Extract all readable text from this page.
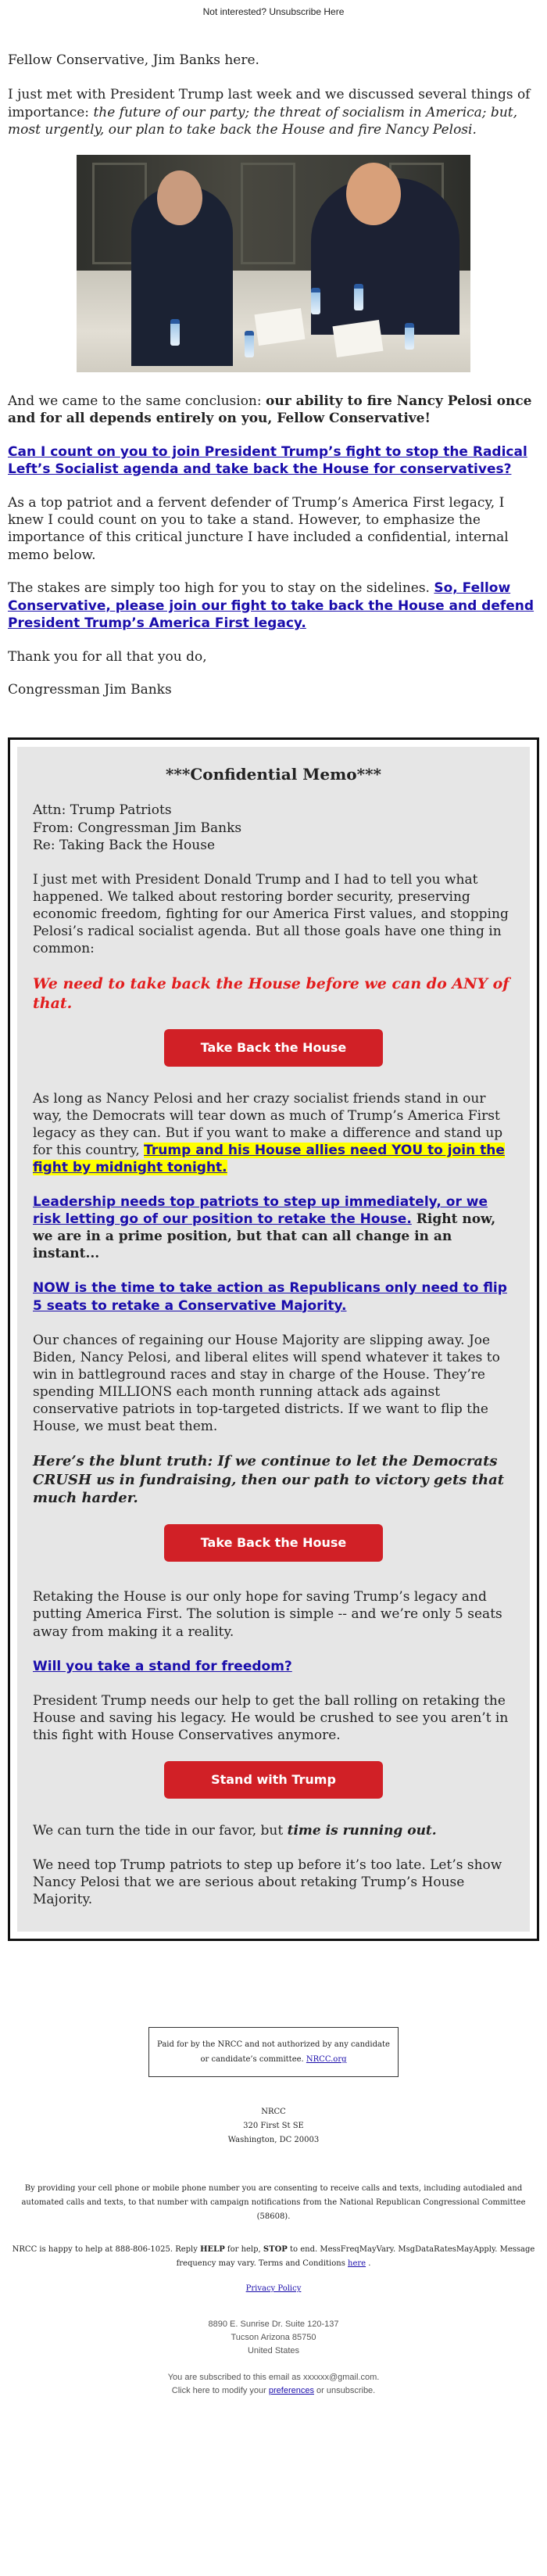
Not interested? Unsubscribe Here

Fellow Conservative, Jim Banks here.

I just met with President Trump last week and we discussed several things of importance: the future of our party; the threat of socialism in America; but, most urgently, our plan to take back the House and fire Nancy Pelosi.

And we came to the same conclusion: our ability to fire Nancy Pelosi once and for all depends entirely on you, Fellow Conservative!

Can I count on you to join President Trump’s fight to stop the Radical Left’s Socialist agenda and take back the House for conservatives?

As a top patriot and a fervent defender of Trump’s America First legacy, I knew I could count on you to take a stand. However, to emphasize the importance of this critical juncture I have included a confidential, internal memo below.

The stakes are simply too high for you to stay on the sidelines. So, Fellow Conservative, please join our fight to take back the House and defend President Trump’s America First legacy.

Thank you for all that you do,

Congressman Jim Banks

***Confidential Memo***

Attn: Trump Patriots

From: Congressman Jim Banks

Re: Taking Back the House

I just met with President Donald Trump and I had to tell you what happened. We talked about restoring border security, preserving economic freedom, fighting for our America First values, and stopping Pelosi’s radical socialist agenda. But all those goals have one thing in common:

We need to take back the House before we can do ANY of that.

Take Back the House

As long as Nancy Pelosi and her crazy socialist friends stand in our way, the Democrats will tear down as much of Trump’s America First legacy as they can. But if you want to make a difference and stand up for this country, Trump and his House allies need YOU to join the fight by midnight tonight.

Leadership needs top patriots to step up immediately, or we risk letting go of our position to retake the House. Right now, we are in a prime position, but that can all change in an instant...

NOW is the time to take action as Republicans only need to flip 5 seats to retake a Conservative Majority.

Our chances of regaining our House Majority are slipping away. Joe Biden, Nancy Pelosi, and liberal elites will spend whatever it takes to win in battleground races and stay in charge of the House. They’re spending MILLIONS each month running attack ads against conservative patriots in top-targeted districts. If we want to flip the House, we must beat them.

Here’s the blunt truth: If we continue to let the Democrats CRUSH us in fundraising, then our path to victory gets that much harder.

Take Back the House

Retaking the House is our only hope for saving Trump’s legacy and putting America First. The solution is simple -- and we’re only 5 seats away from making it a reality.

Will you take a stand for freedom?

President Trump needs our help to get the ball rolling on retaking the House and saving his legacy. He would be crushed to see you aren’t in this fight with House Conservatives anymore.

Stand with Trump

We can turn the tide in our favor, but time is running out.

We need top Trump patriots to step up before it’s too late. Let’s show Nancy Pelosi that we are serious about retaking Trump’s House Majority.

Paid for by the NRCC and not authorized by any candidate or candidate’s committee. NRCC.org
NRCC
320 First St SE
Washington, DC 20003
By providing your cell phone or mobile phone number you are consenting to receive calls and texts, including autodialed and automated calls and texts, to that number with campaign notifications from the National Republican Congressional Committee (58608).
NRCC is happy to help at 888-806-1025. Reply HELP for help, STOP to end. MessFreqMayVary. MsgDataRatesMayApply. Message frequency may vary. Terms and Conditions here .
Privacy Policy
8890 E. Sunrise Dr. Suite 120-137
Tucson Arizona 85750
United States
You are subscribed to this email as xxxxxx@gmail.com.
Click here to modify your preferences or unsubscribe.
